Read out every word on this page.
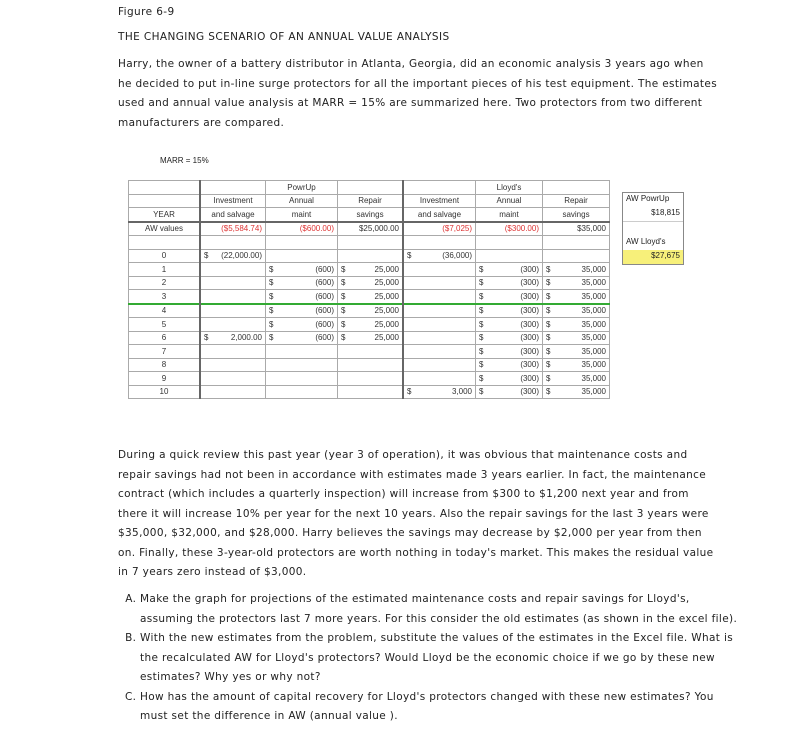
Figure 6-9
THE CHANGING SCENARIO OF AN ANNUAL VALUE ANALYSIS
Harry, the owner of a battery distributor in Atlanta, Georgia, did an economic analysis 3 years ago when he decided to put in-line surge protectors for all the important pieces of his test equipment. The estimates used and annual value analysis at MARR = 15% are summarized here. Two protectors from two different manufacturers are compared.
MARR = 15%
		PowrUp			Lloyd's	
	Investment	Annual	Repair	Investment	Annual	Repair
YEAR	and salvage	maint	savings	and salvage	maint	savings
AW values	($5,584.74)	($600.00)	$25,000.00	($7,025)	($300.00)	$35,000

0	$ (22,000.00)			$ (36,000)	

1		$ (600)	$ 25,000		$ (300)	$ 35,000
2		$ (600)	$ 25,000		$ (300)	$ 35,000
3		$ (600)	$ 25,000		$ (300)	$ 35,000
4		$ (600)	$ 25,000		$ (300)	$ 35,000
5		$ (600)	$ 25,000		$ (300)	$ 35,000
6	$ 2,000.00	$ (600)	$ 25,000		$ (300)	$ 35,000
7					$ (300)	$ 35,000
8					$ (300)	$ 35,000
9					$ (300)	$ 35,000
10				$ 3,000	$ (300)	$ 35,000
AW PowrUp
$18,815
AW Lloyd's
$27,675
During a quick review this past year (year 3 of operation), it was obvious that maintenance costs and repair savings had not been in accordance with estimates made 3 years earlier. In fact, the maintenance contract (which includes a quarterly inspection) will increase from $300 to $1,200 next year and from there it will increase 10% per year for the next 10 years. Also the repair savings for the last 3 years were $35,000, $32,000, and $28,000. Harry believes the savings may decrease by $2,000 per year from then on. Finally, these 3-year-old protectors are worth nothing in today's market. This makes the residual value in 7 years zero instead of $3,000.
A. Make the graph for projections of the estimated maintenance costs and repair savings for Lloyd's, assuming the protectors last 7 more years. For this consider the old estimates (as shown in the excel file).
B. With the new estimates from the problem, substitute the values of the estimates in the Excel file. What is the recalculated AW for Lloyd's protectors? Would Lloyd be the economic choice if we go by these new estimates? Why yes or why not?
C. How has the amount of capital recovery for Lloyd's protectors changed with these new estimates? You must set the difference in AW (annual value ).
